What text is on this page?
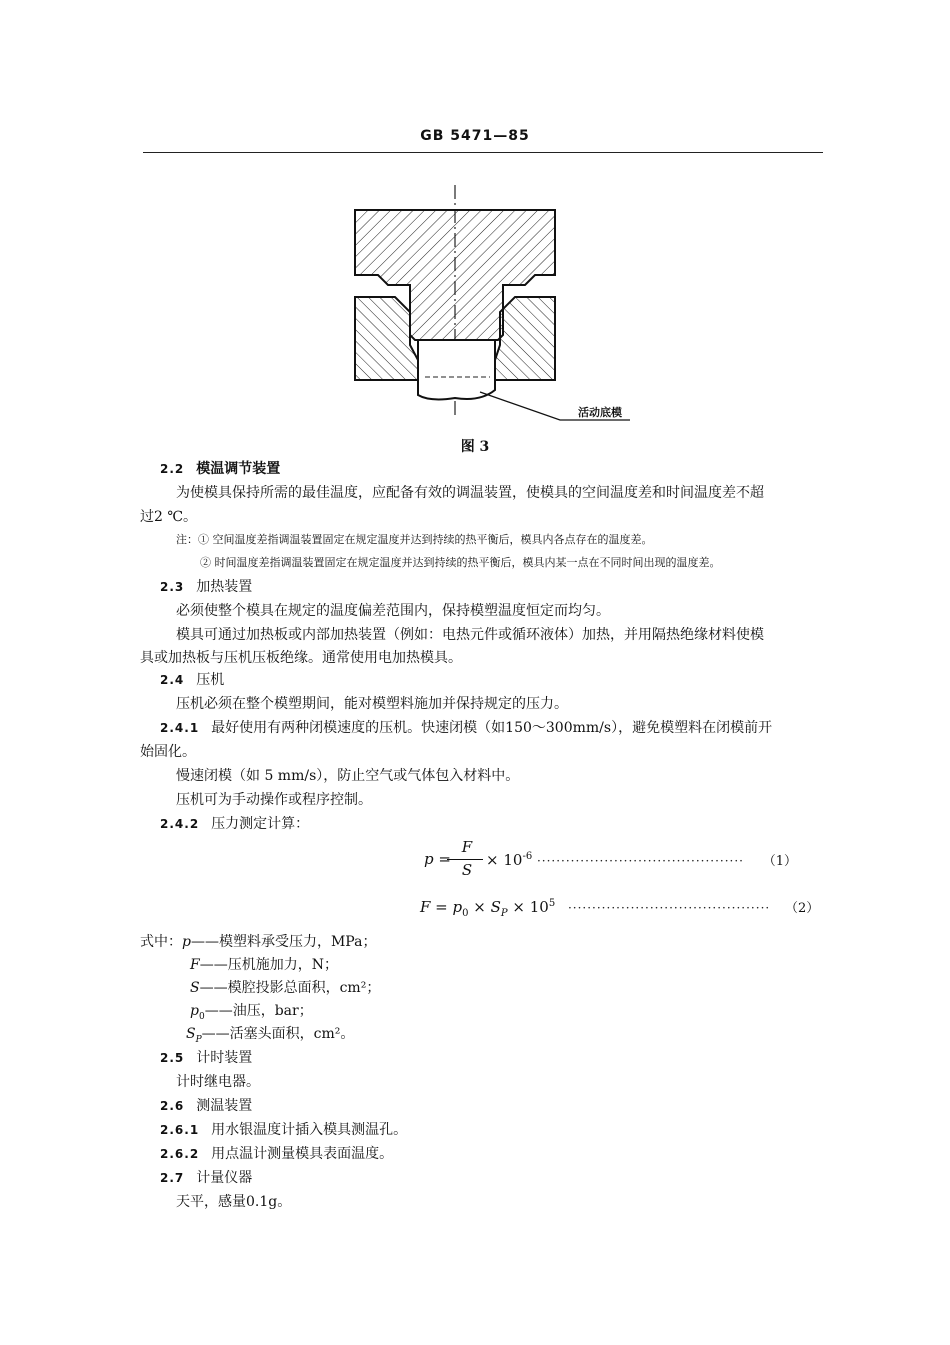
GB 5471—85
活动底模
图 3
2.2 模温调节装置
为使模具保持所需的最佳温度，应配备有效的调温装置，使模具的空间温度差和时间温度差不超
过2 ℃。
注：① 空间温度差指调温装置固定在规定温度并达到持续的热平衡后，模具内各点存在的温度差。
② 时间温度差指调温装置固定在规定温度并达到持续的热平衡后，模具内某一点在不同时间出现的温度差。
2.3 加热装置
必须使整个模具在规定的温度偏差范围内，保持模塑温度恒定而均匀。
模具可通过加热板或内部加热装置（例如：电热元件或循环液体）加热，并用隔热绝缘材料使模
具或加热板与压机压板绝缘。通常使用电加热模具。
2.4 压机
压机必须在整个模塑期间，能对模塑料施加并保持规定的压力。
2.4.1 最好使用有两种闭模速度的压机。快速闭模（如150～300mm/s），避免模塑料在闭模前开
始固化。
慢速闭模（如 5 mm/s），防止空气或气体包入材料中。
压机可为手动操作或程序控制。
2.4.2 压力测定计算：
p =
F
S
× $10^{-6}$ ··········································· （1）
$F = p_0 \times S_P \times 10^5$ ·········································· （2）
式中：p——模塑料承受压力，MPa；
F——压机施加力，N；
S——模腔投影总面积，cm²；
$p_0——$油压，bar；
$S_P——$活塞头面积，cm²。
2.5 计时装置
计时继电器。
2.6 测温装置
2.6.1 用水银温度计插入模具测温孔。
2.6.2 用点温计测量模具表面温度。
2.7 计量仪器
天平，感量0.1g。
